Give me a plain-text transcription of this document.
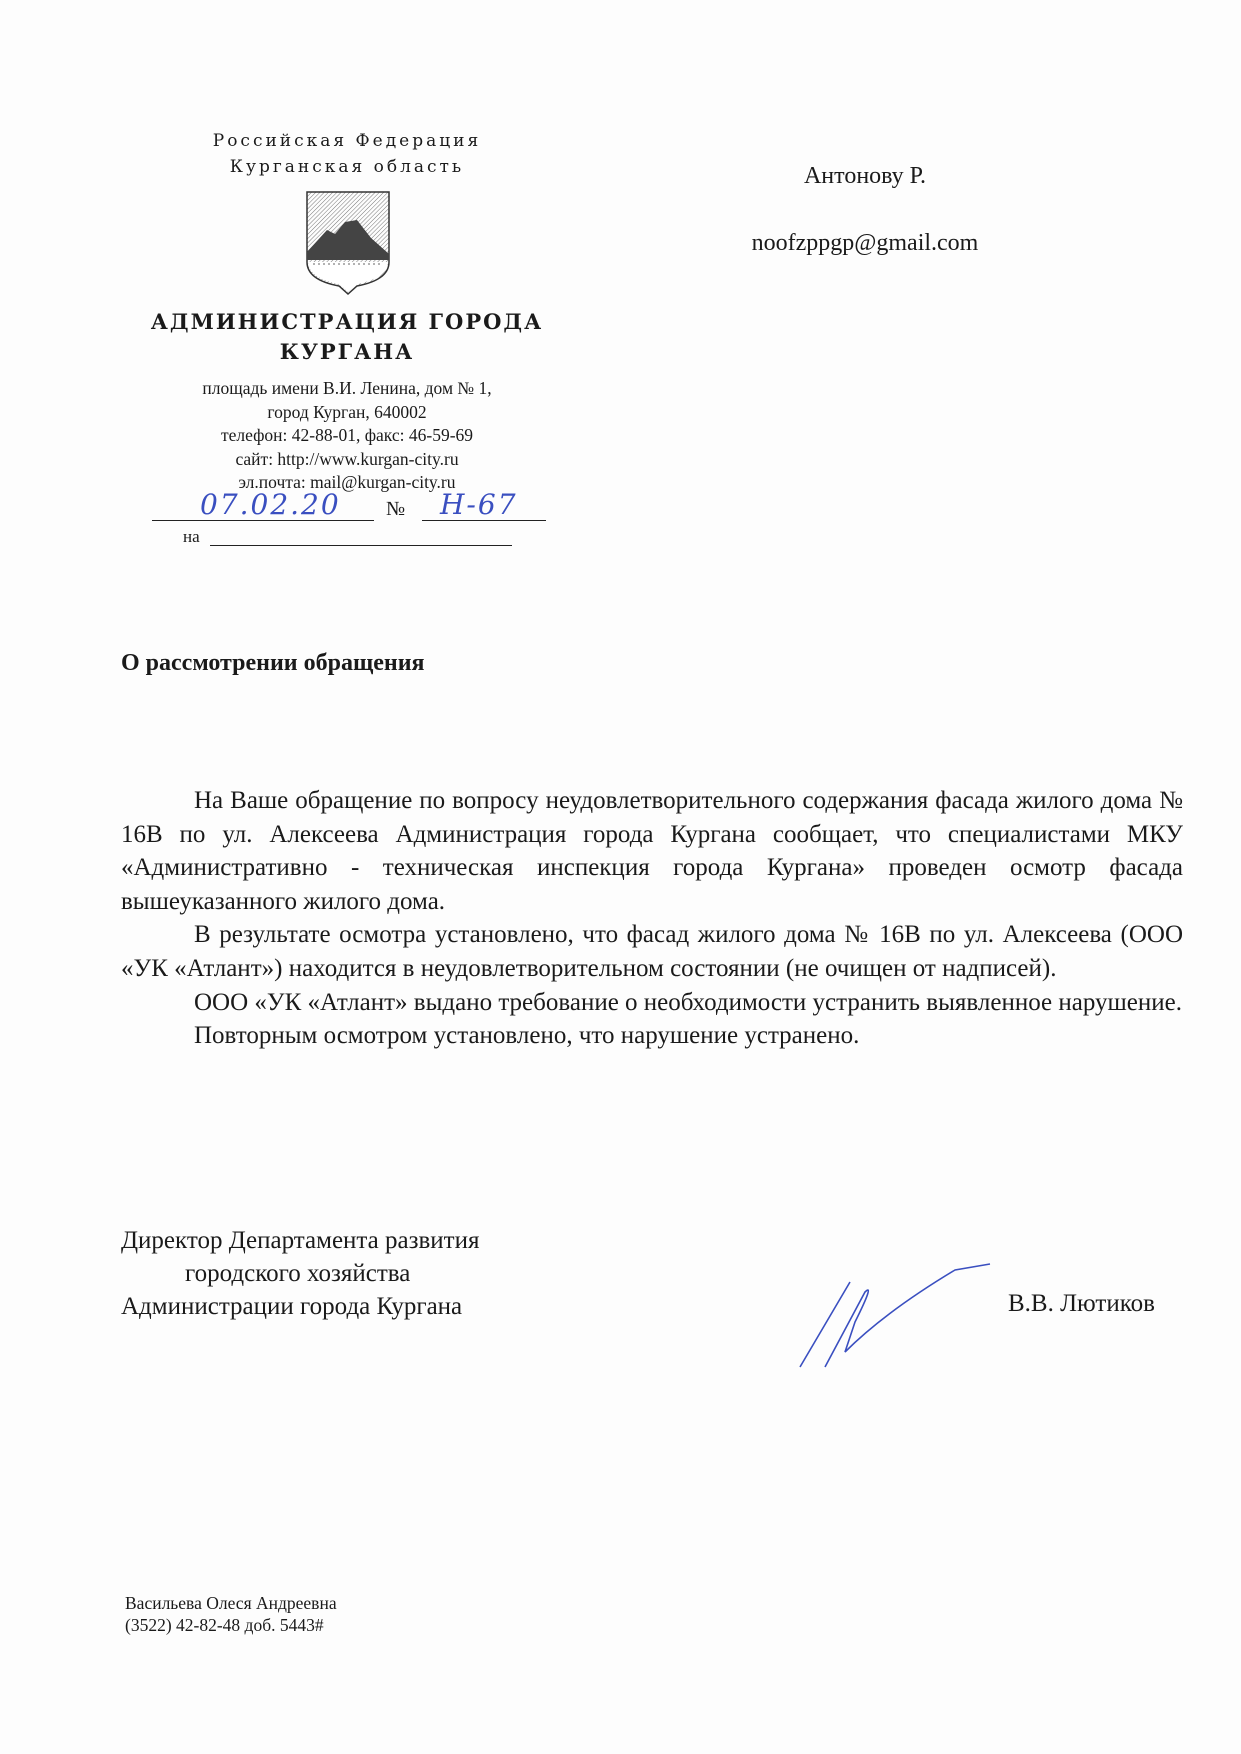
Российская Федерация
Курганская область
АДМИНИСТРАЦИЯ ГОРОДА
КУРГАНА
площадь имени В.И. Ленина, дом № 1,
город Курган, 640002
телефон: 42-88-01, факс: 46-59-69
сайт: http://www.kurgan-city.ru
эл.почта: mail@kurgan-city.ru
07.02.20 № Н-67
на
Антонову Р.
noofzppgp@gmail.com
О рассмотрении обращения

На Ваше обращение по вопросу неудовлетворительного содержания фасада жилого дома № 16В по ул. Алексеева Администрация города Кургана сообщает, что специалистами МКУ «Административно - техническая инспекция города Кургана» проведен осмотр фасада вышеуказанного жилого дома.

В результате осмотра установлено, что фасад жилого дома № 16В по ул. Алексеева (ООО «УК «Атлант») находится в неудовлетворительном состоянии (не очищен от надписей).

ООО «УК «Атлант» выдано требование о необходимости устранить выявленное нарушение.

Повторным осмотром установлено, что нарушение устранено.

Директор Департамента развития
городского хозяйства
Администрации города Кургана	В.В. Лютиков
Васильева Олеся Андреевна
(3522) 42-82-48 доб. 5443#
